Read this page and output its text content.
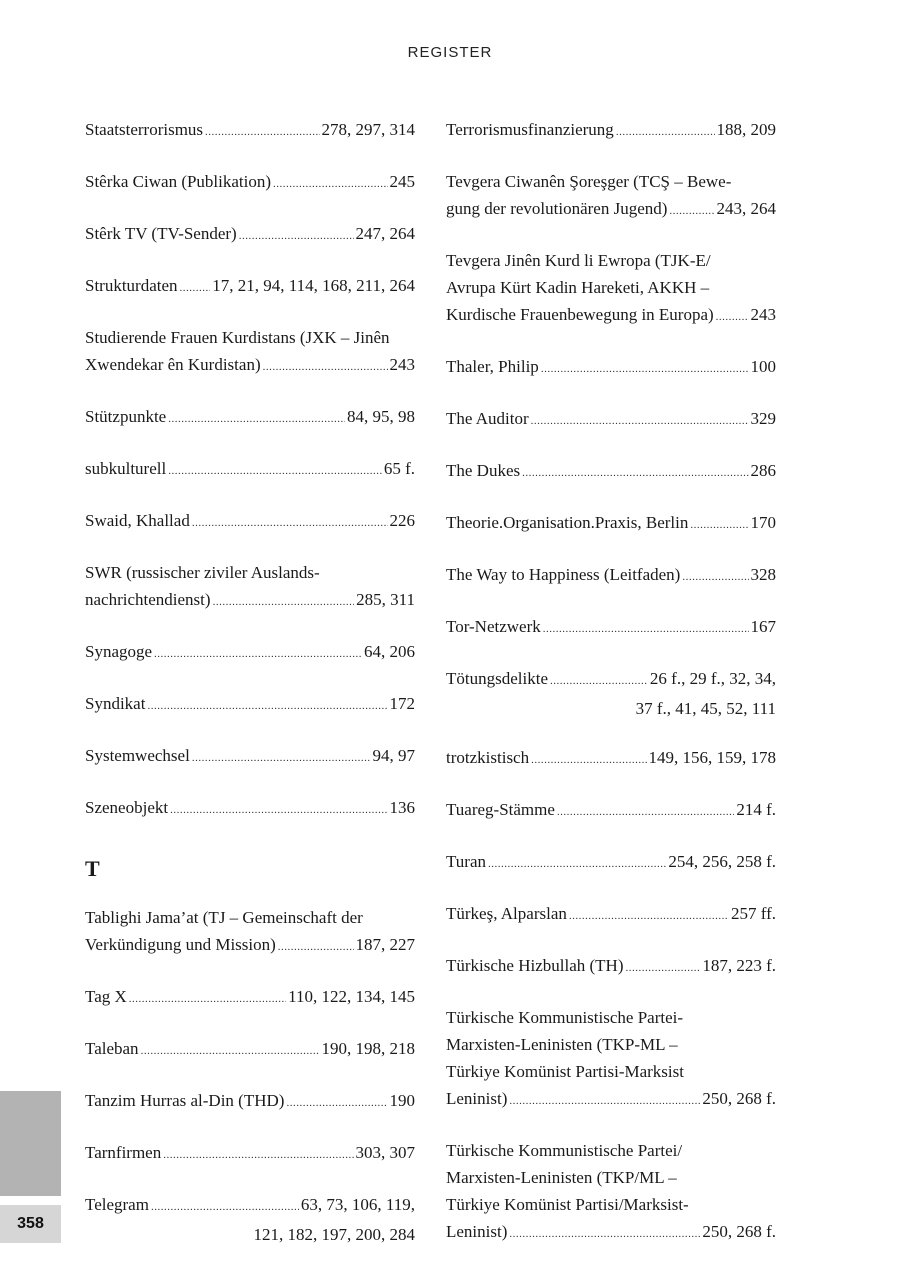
REGISTER
Staatsterrorismus .....	278, 297, 314
Stêrka Ciwan (Publikation) .....	245
Stêrk TV (TV-Sender) .....	247, 264
Strukturdaten ..... 17, 21, 94, 114, 168, 211, 264
Studierende Frauen Kurdistans (JXK – Jinên
Xwendekar ên Kurdistan) .....	243
Stützpunkte .....	84, 95, 98
subkulturell .....	65 f.
Swaid, Khallad .....	226
SWR (russischer ziviler Auslands-
nachrichtendienst) .....	285, 311
Synagoge .....	64, 206
Syndikat .....	172
Systemwechsel .....	94, 97
Szeneobjekt .....	136
T
Tablighi Jama’at (TJ – Gemeinschaft der
Verkündigung und Mission) .....	187, 227
Tag X .....	110, 122, 134, 145
Taleban .....	190, 198, 218
Tanzim Hurras al-Din (THD) .....	190
Tarnfirmen .....	303, 307
Telegram .....	63, 73, 106, 119,
121, 182, 197, 200, 284
Terrorismusfinanzierung .....	188, 209
Tevgera Ciwanên Şoreşger (TCŞ – Bewe-
gung der revolutionären Jugend) .....	243, 264
Tevgera Jinên Kurd li Ewropa (TJK-E/
Avrupa Kürt Kadin Hareketi, AKKH –
Kurdische Frauenbewegung in Europa) ..... 243
Thaler, Philip .....	100
The Auditor .....	329
The Dukes .....	286
Theorie.Organisation.Praxis, Berlin .....	170
The Way to Happiness (Leitfaden) .....	328
Tor-Netzwerk .....	167
Tötungsdelikte .....	26 f., 29 f., 32, 34,
37 f., 41, 45, 52, 111
trotzkistisch .....	149, 156, 159, 178
Tuareg-Stämme .....	214 f.
Turan .....	254, 256, 258 f.
Türkeş, Alparslan .....	257 ff.
Türkische Hizbullah (TH) .....	187, 223 f.
Türkische Kommunistische Partei-
Marxisten-Leninisten (TKP-ML –
Türkiye Komünist Partisi-Marksist
Leninist) .....	250, 268 f.
Türkische Kommunistische Partei/
Marxisten-Leninisten (TKP/ML –
Türkiye Komünist Partisi/Marksist-
Leninist) .....	250, 268 f.
358
